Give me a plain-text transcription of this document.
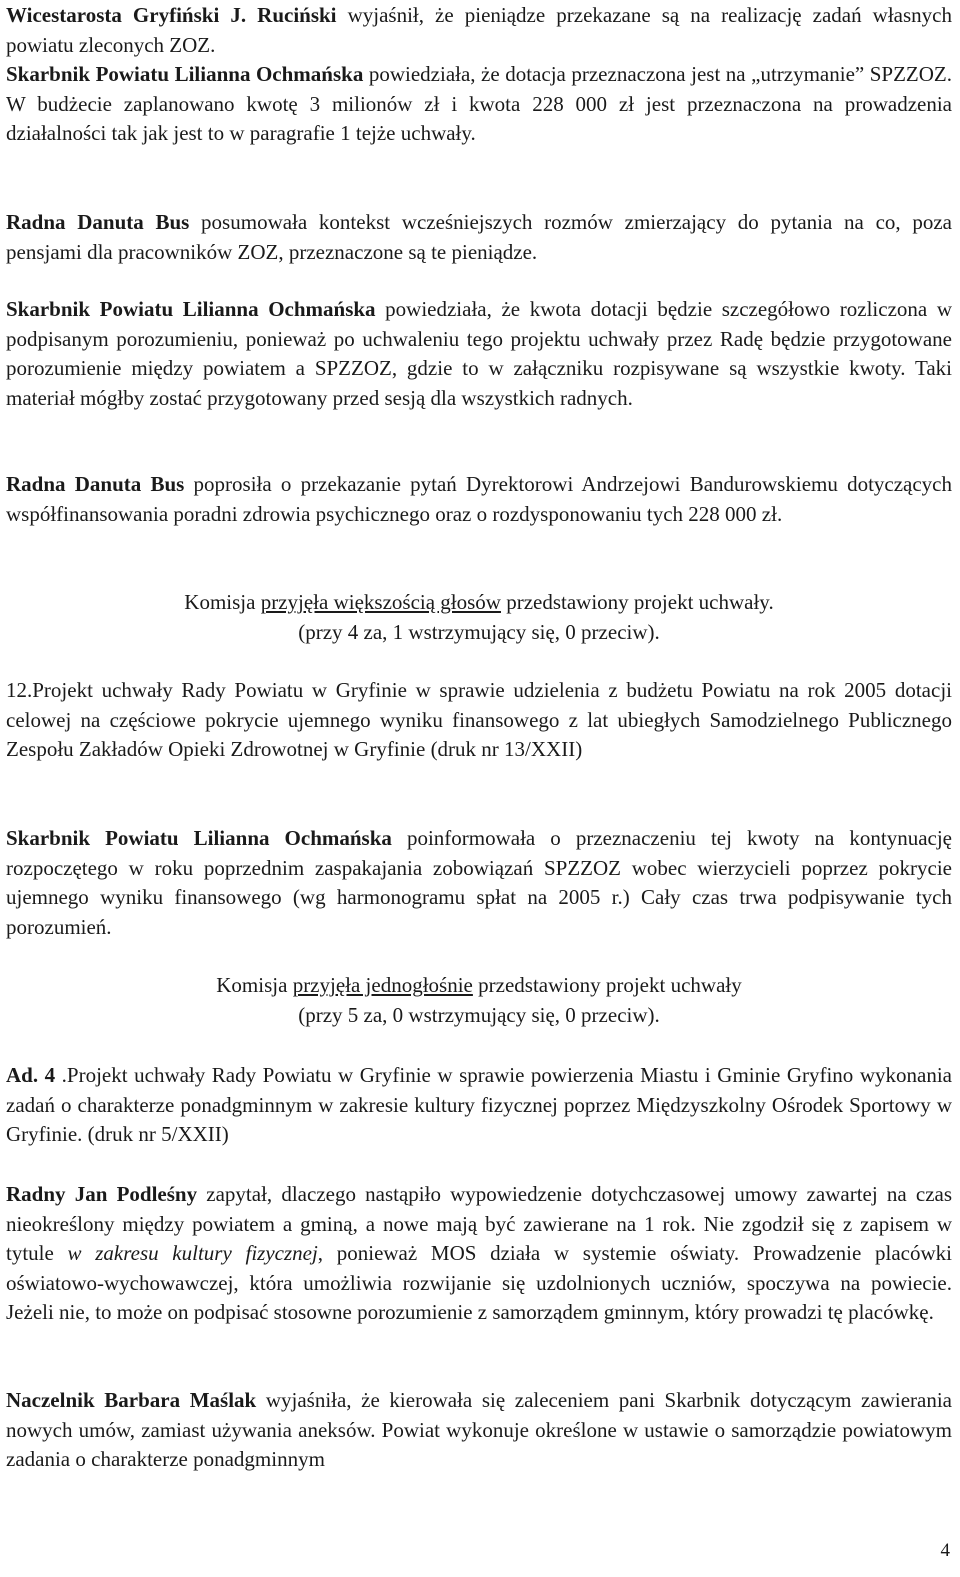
Wicestarosta Gryfiński J. Ruciński wyjaśnił, że pieniądze przekazane są na realizację zadań własnych powiatu zleconych ZOZ.

Skarbnik Powiatu Lilianna Ochmańska powiedziała, że dotacja przeznaczona jest na „utrzymanie” SPZZOZ. W budżecie zaplanowano kwotę 3 milionów zł i kwota 228 000 zł jest przeznaczona na prowadzenia działalności tak jak jest to w paragrafie 1 tejże uchwały.

Radna Danuta Bus posumowała kontekst wcześniejszych rozmów zmierzający do pytania na co, poza pensjami dla pracowników ZOZ, przeznaczone są te pieniądze.

Skarbnik Powiatu Lilianna Ochmańska powiedziała, że kwota dotacji będzie szczegółowo rozliczona w podpisanym porozumieniu, ponieważ po uchwaleniu tego projektu uchwały przez Radę będzie przygotowane porozumienie między powiatem a SPZZOZ, gdzie to w załączniku rozpisywane są wszystkie kwoty. Taki materiał mógłby zostać przygotowany przed sesją dla wszystkich radnych.

Radna Danuta Bus poprosiła o przekazanie pytań Dyrektorowi Andrzejowi Bandurowskiemu dotyczących współfinansowania poradni zdrowia psychicznego oraz o rozdysponowaniu tych 228 000 zł.

Komisja przyjęła większością głosów przedstawiony projekt uchwały.

(przy 4 za, 1 wstrzymujący się, 0 przeciw).

12.Projekt uchwały Rady Powiatu w Gryfinie w sprawie udzielenia z budżetu Powiatu na rok 2005 dotacji celowej na częściowe pokrycie ujemnego wyniku finansowego z lat ubiegłych Samodzielnego Publicznego Zespołu Zakładów Opieki Zdrowotnej w Gryfinie (druk nr 13/XXII)

Skarbnik Powiatu Lilianna Ochmańska poinformowała o przeznaczeniu tej kwoty na kontynuację rozpoczętego w roku poprzednim zaspakajania zobowiązań SPZZOZ wobec wierzycieli poprzez pokrycie ujemnego wyniku finansowego (wg harmonogramu spłat na 2005 r.) Cały czas trwa podpisywanie tych porozumień.

Komisja przyjęła jednogłośnie przedstawiony projekt uchwały

(przy 5 za, 0 wstrzymujący się, 0 przeciw).

Ad. 4 .Projekt uchwały Rady Powiatu w Gryfinie w sprawie powierzenia Miastu i Gminie Gryfino wykonania zadań o charakterze ponadgminnym w zakresie kultury fizycznej poprzez Międzyszkolny Ośrodek Sportowy w Gryfinie. (druk nr 5/XXII)

Radny Jan Podleśny zapytał, dlaczego nastąpiło wypowiedzenie dotychczasowej umowy zawartej na czas nieokreślony między powiatem a gminą, a nowe mają być zawierane na 1 rok. Nie zgodził się z zapisem w tytule w zakresu kultury fizycznej, ponieważ MOS działa w systemie oświaty. Prowadzenie placówki oświatowo-wychowawczej, która umożliwia rozwijanie się uzdolnionych uczniów, spoczywa na powiecie. Jeżeli nie, to może on podpisać stosowne porozumienie z samorządem gminnym, który prowadzi tę placówkę.

Naczelnik Barbara Maślak wyjaśniła, że kierowała się zaleceniem pani Skarbnik dotyczącym zawierania nowych umów, zamiast używania aneksów. Powiat wykonuje określone w ustawie o samorządzie powiatowym zadania o charakterze ponadgminnym

4
